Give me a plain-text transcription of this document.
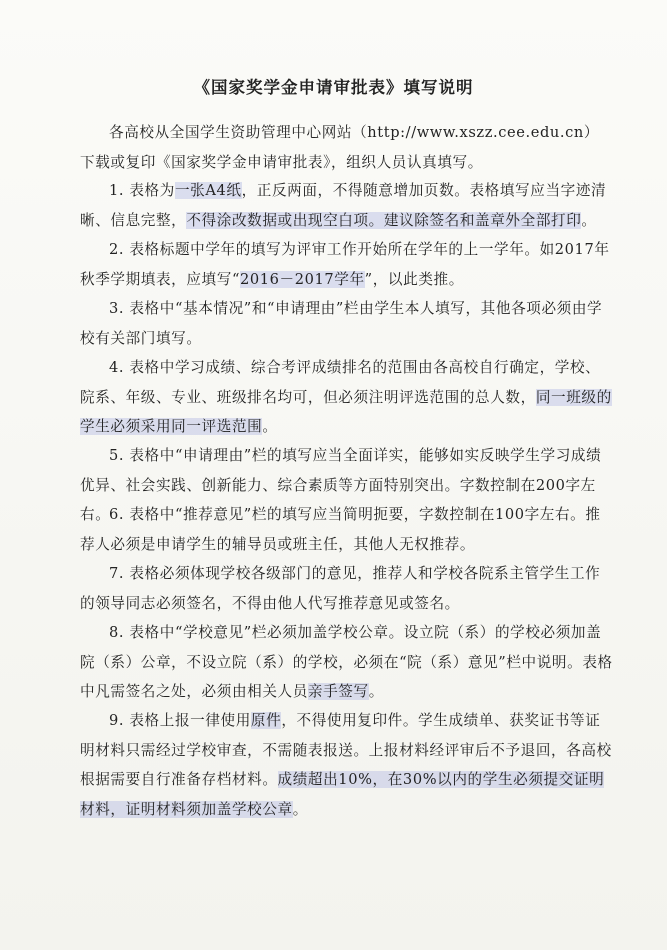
《国家奖学金申请审批表》填写说明

各高校从全国学生资助管理中心网站（http://www.xszz.cee.edu.cn）下载或复印《国家奖学金申请审批表》，组织人员认真填写。

1. 表格为一张A4纸，正反两面，不得随意增加页数。表格填写应当字迹清晰、信息完整，不得涂改数据或出现空白项。建议除签名和盖章外全部打印。

2. 表格标题中学年的填写为评审工作开始所在学年的上一学年。如2017年秋季学期填表，应填写“2016－2017学年”，以此类推。

3. 表格中“基本情况”和“申请理由”栏由学生本人填写，其他各项必须由学校有关部门填写。

4. 表格中学习成绩、综合考评成绩排名的范围由各高校自行确定，学校、院系、年级、专业、班级排名均可，但必须注明评选范围的总人数，同一班级的学生必须采用同一评选范围。

5. 表格中“申请理由”栏的填写应当全面详实，能够如实反映学生学习成绩优异、社会实践、创新能力、综合素质等方面特别突出。字数控制在200字左右。

6. 表格中“推荐意见”栏的填写应当简明扼要，字数控制在100字左右。推荐人必须是申请学生的辅导员或班主任，其他人无权推荐。

7. 表格必须体现学校各级部门的意见，推荐人和学校各院系主管学生工作的领导同志必须签名，不得由他人代写推荐意见或签名。

8. 表格中“学校意见”栏必须加盖学校公章。设立院（系）的学校必须加盖院（系）公章，不设立院（系）的学校，必须在“院（系）意见”栏中说明。表格中凡需签名之处，必须由相关人员亲手签写。

9. 表格上报一律使用原件，不得使用复印件。学生成绩单、获奖证书等证明材料只需经过学校审查，不需随表报送。上报材料经评审后不予退回，各高校根据需要自行准备存档材料。成绩超出10%，在30%以内的学生必须提交证明材料，证明材料须加盖学校公章。
